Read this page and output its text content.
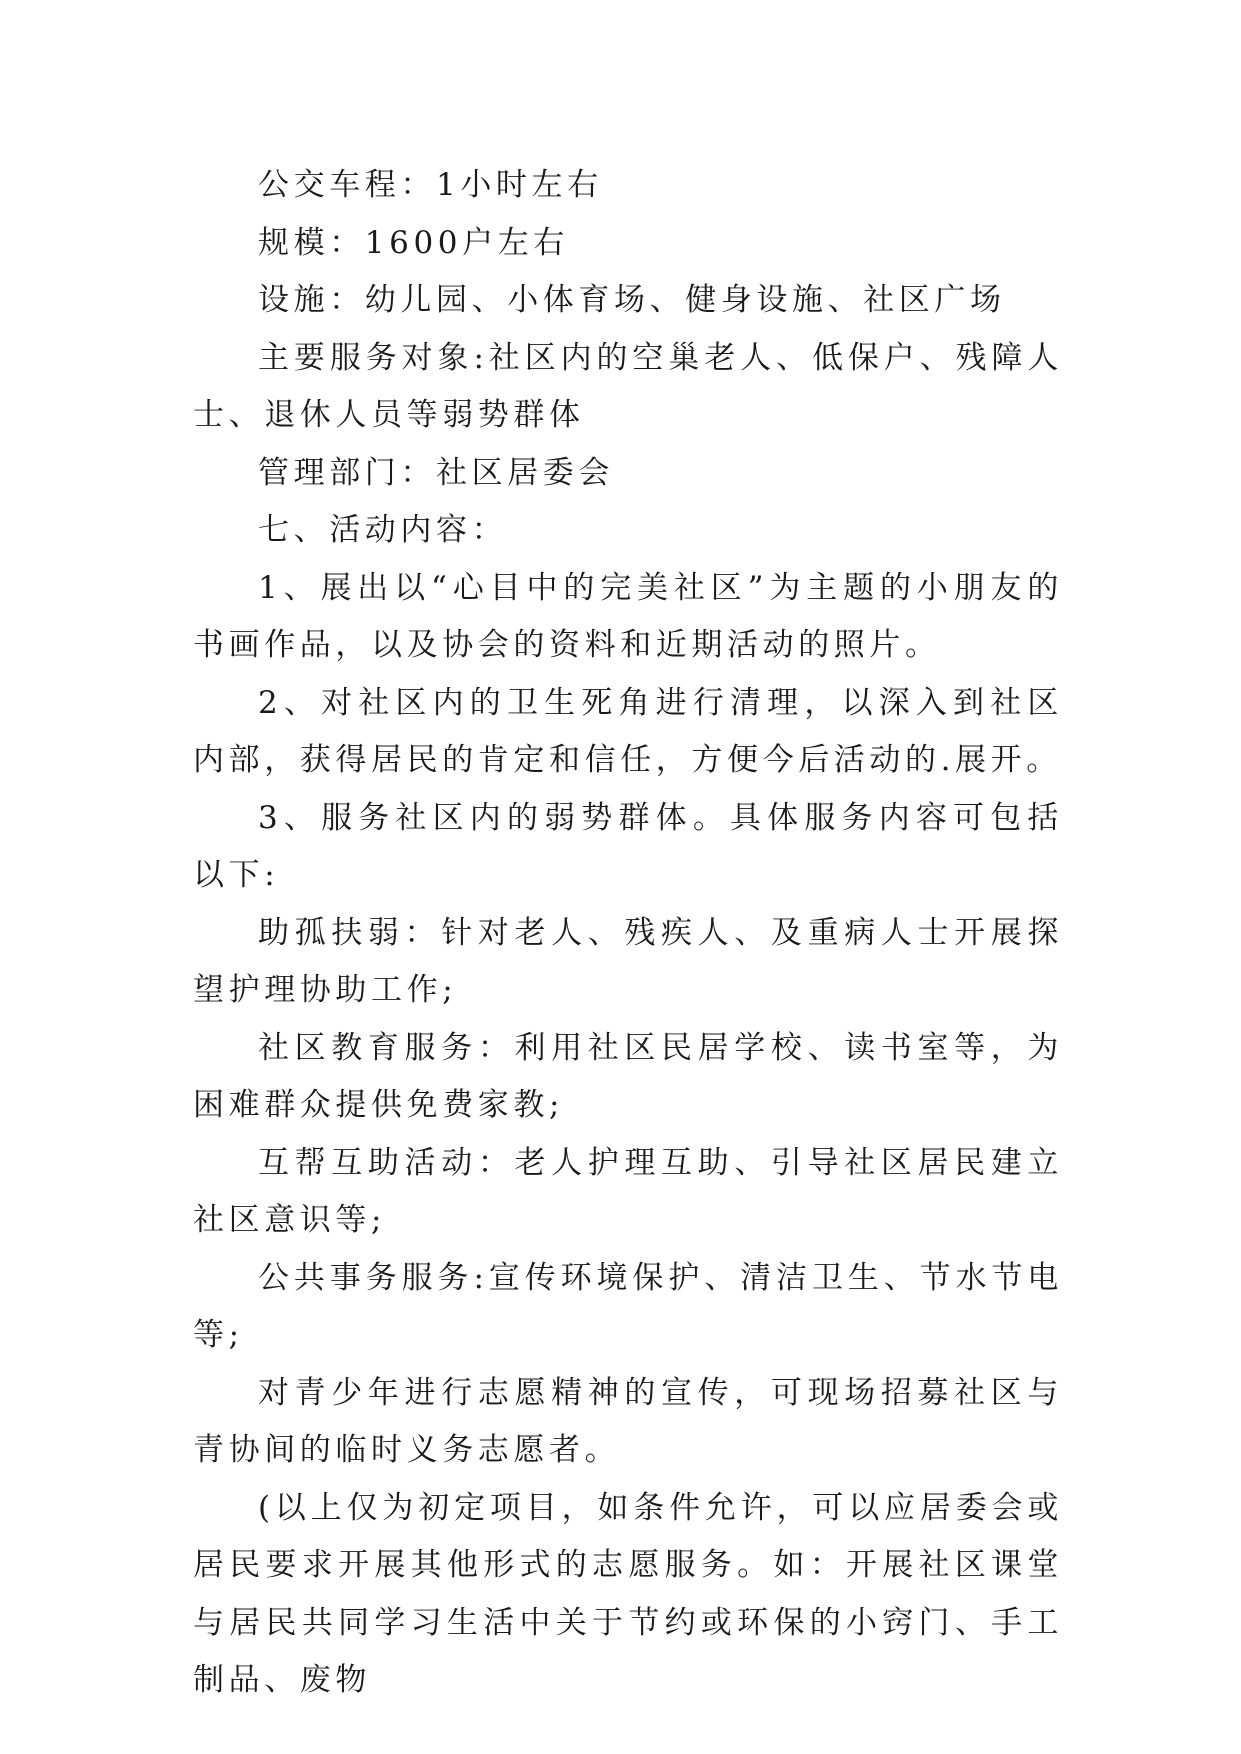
公交车程：1小时左右

规模：1600户左右

设施：幼儿园、小体育场、健身设施、社区广场

主要服务对象:社区内的空巢老人、低保户、残障人士、退休人员等弱势群体

管理部门：社区居委会

七、活动内容：

1、展出以“心目中的完美社区”为主题的小朋友的书画作品，以及协会的资料和近期活动的照片。

2、对社区内的卫生死角进行清理，以深入到社区内部，获得居民的肯定和信任，方便今后活动的.展开。

3、服务社区内的弱势群体。具体服务内容可包括以下:

助孤扶弱：针对老人、残疾人、及重病人士开展探望护理协助工作;

社区教育服务：利用社区民居学校、读书室等，为困难群众提供免费家教;

互帮互助活动：老人护理互助、引导社区居民建立社区意识等;

公共事务服务:宣传环境保护、清洁卫生、节水节电等;

对青少年进行志愿精神的宣传，可现场招募社区与青协间的临时义务志愿者。

(以上仅为初定项目，如条件允许，可以应居委会或居民要求开展其他形式的志愿服务。如：开展社区课堂与居民共同学习生活中关于节约或环保的小窍门、手工制品、废物
